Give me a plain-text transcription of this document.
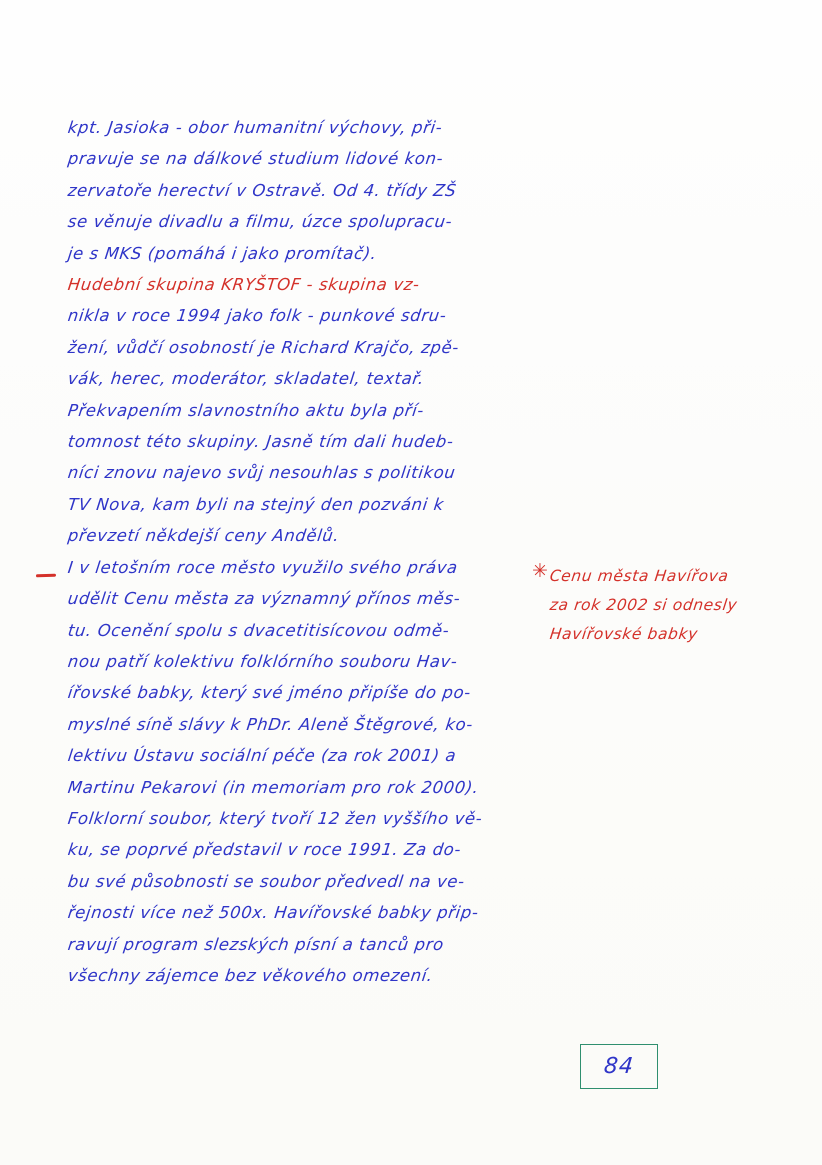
kpt. Jasioka - obor humanitní výchovy, při-
pravuje se na dálkové studium lidové kon-
zervatoře herectví v Ostravě. Od 4. třídy ZŠ
se věnuje divadlu a filmu, úzce spolupracu-
je s MKS (pomáhá i jako promítač).
Hudební skupina KRYŠTOF - skupina vz-
nikla v roce 1994 jako folk - punkové sdru-
žení, vůdčí osobností je Richard Krajčo, zpě-
vák, herec, moderátor, skladatel, textař.
Překvapením slavnostního aktu byla pří-
tomnost této skupiny. Jasně tím dali hudeb-
níci znovu najevo svůj nesouhlas s politikou
TV Nova, kam byli na stejný den pozváni k
převzetí někdejší ceny Andělů.
I v letošním roce město využilo svého práva
udělit Cenu města za významný přínos měs-
tu. Ocenění spolu s dvacetitisícovou odmě-
nou patří kolektivu folklórního souboru Hav-
ířovské babky, který své jméno připíše do po-
myslné síně slávy k PhDr. Aleně Štěgrové, ko-
lektivu Ústavu sociální péče (za rok 2001) a
Martinu Pekarovi (in memoriam pro rok 2000).
Folklorní soubor, který tvoří 12 žen vyššího vě-
ku, se poprvé představil v roce 1991. Za do-
bu své působnosti se soubor předvedl na ve-
řejnosti více než 500x. Havířovské babky přip-
ravují program slezských písní a tanců pro
všechny zájemce bez věkového omezení.
✳ Cenu města Havířova
za rok 2002 si odnesly
Havířovské babky
84
